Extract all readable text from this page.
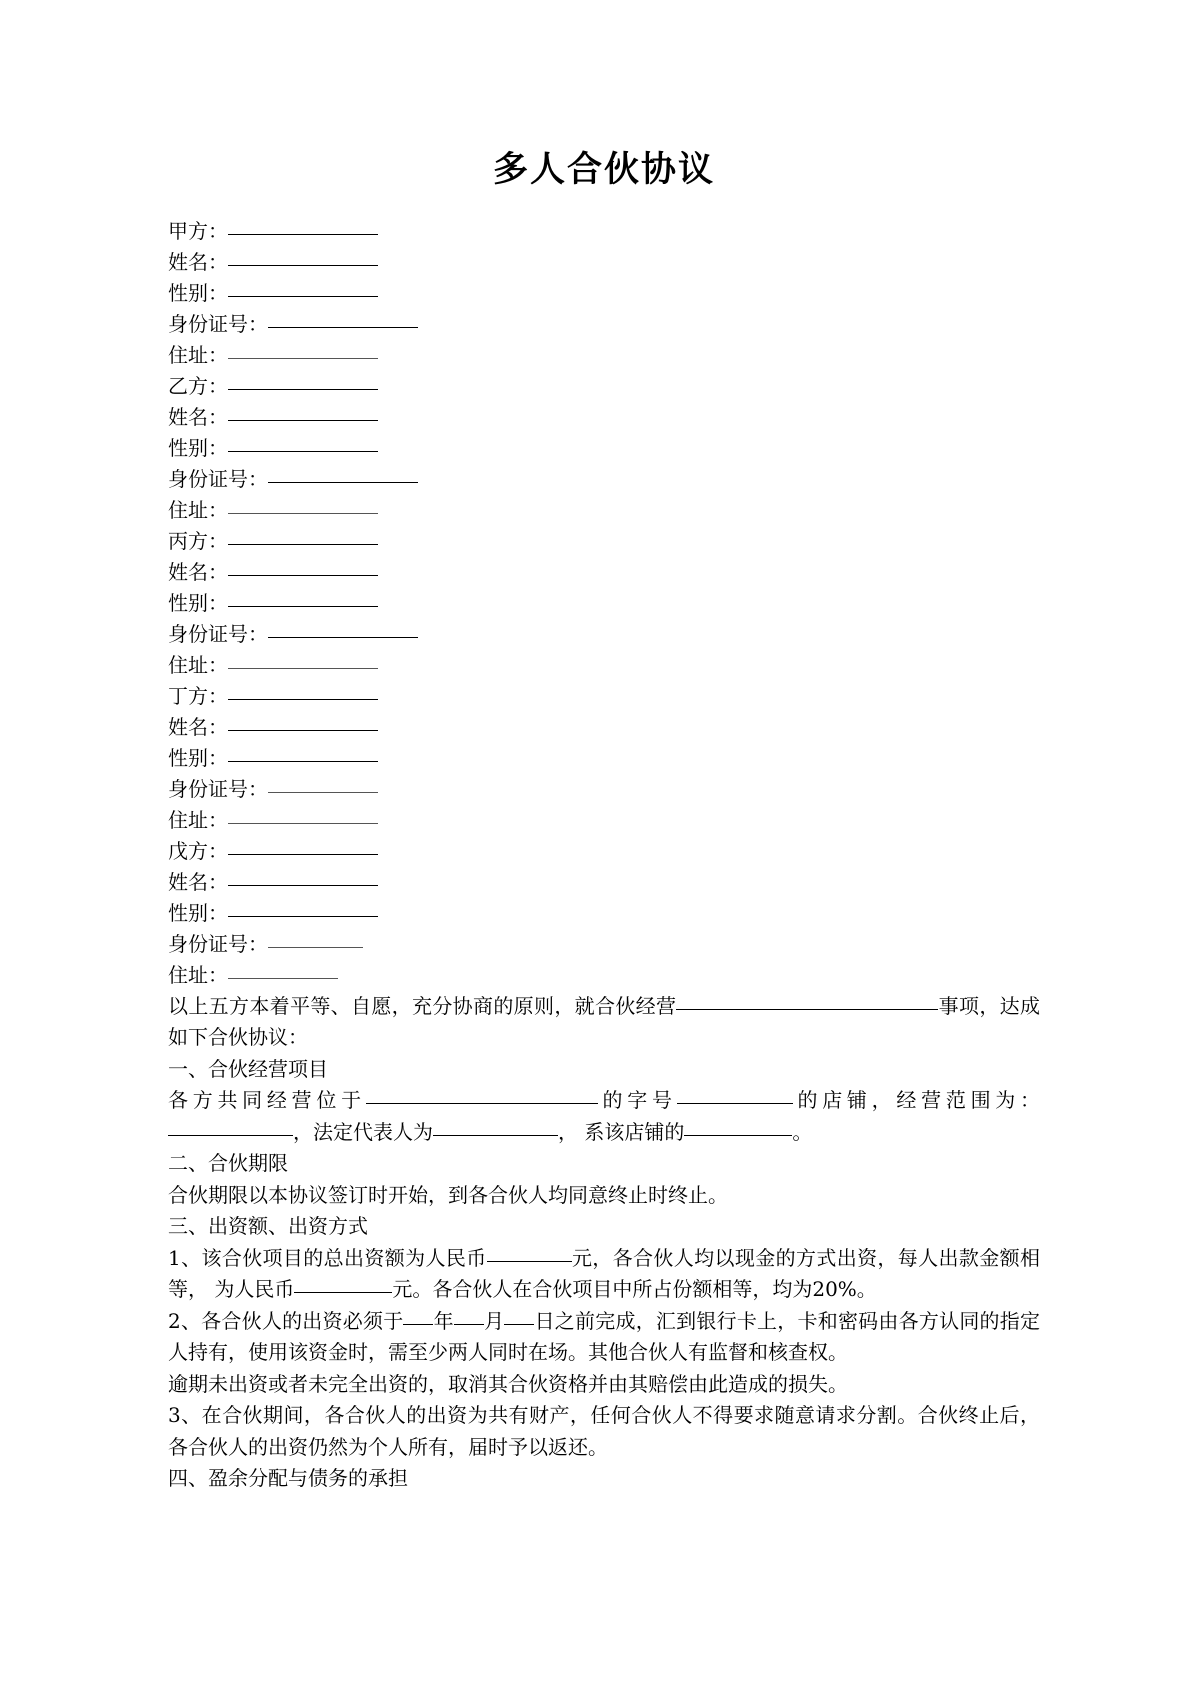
多人合伙协议
甲方：
姓名：
性别：
身份证号：
住址：
乙方：
姓名：
性别：
身份证号：
住址：
丙方：
姓名：
性别：
身份证号：
住址：
丁方：
姓名：
性别：
身份证号：
住址：
戊方：
姓名：
性别：
身份证号：
住址：

以上五方本着平等、自愿，充分协商的原则，就合伙经营	事项，达成如下合伙协议：

一、合伙经营项目

各方共同经营位于	的字号	的店铺，经营范围为：，法定代表人为	， 系该店铺的	。

二、合伙期限

合伙期限以本协议签订时开始，到各合伙人均同意终止时终止。

三、出资额、出资方式

1、该合伙项目的总出资额为人民币	元，各合伙人均以现金的方式出资，每人出款金额相等， 为人民币	元。各合伙人在合伙项目中所占份额相等，均为20%。

2、各合伙人的出资必须于 年 月 日之前完成，汇到银行卡上，卡和密码由各方认同的指定人持有，使用该资金时，需至少两人同时在场。其他合伙人有监督和核查权。

逾期未出资或者未完全出资的，取消其合伙资格并由其赔偿由此造成的损失。

3、在合伙期间，各合伙人的出资为共有财产，任何合伙人不得要求随意请求分割。合伙终止后，各合伙人的出资仍然为个人所有，届时予以返还。

四、盈余分配与债务的承担
